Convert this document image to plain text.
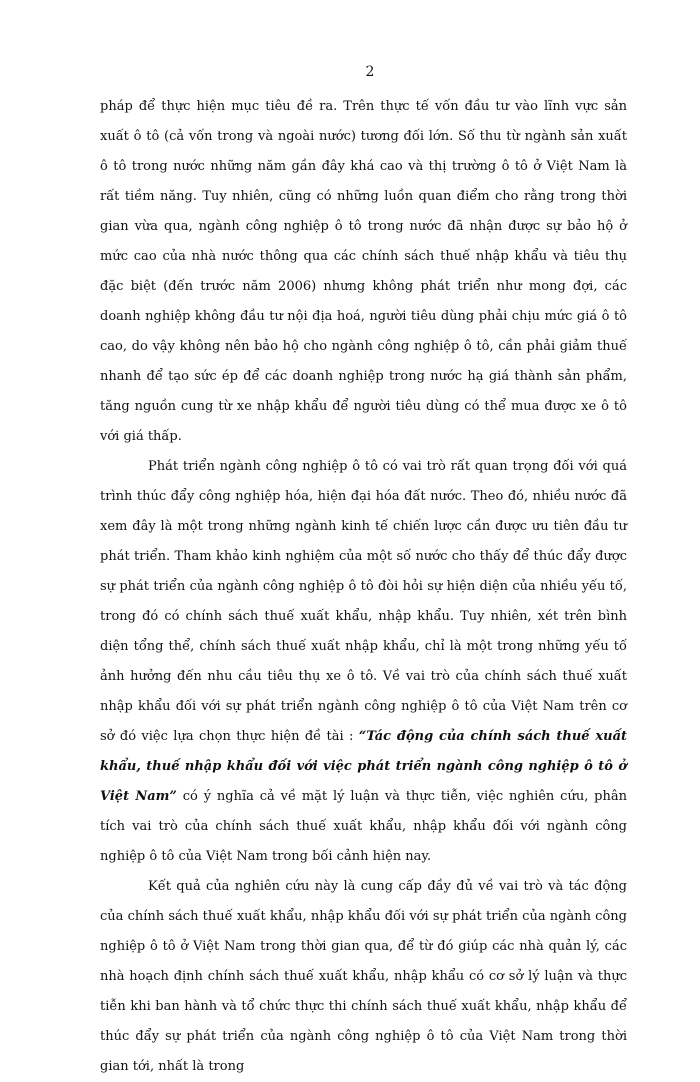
2

pháp để thực hiện mục tiêu đề ra. Trên thực tế vốn đầu tư vào lĩnh vực sản xuất ô tô (cả vốn trong và ngoài nước) tương đối lớn. Số thu từ ngành sản xuất ô tô trong nước những năm gần đây khá cao và thị trường ô tô ở Việt Nam là rất tiềm năng. Tuy nhiên, cũng có những luồn quan điểm cho rằng trong thời gian vừa qua, ngành công nghiệp ô tô trong nước đã nhận được sự bảo hộ ở mức cao của nhà nước thông qua các chính sách thuế nhập khẩu và tiêu thụ đặc biệt (đến trước năm 2006) nhưng không phát triển như mong đợi, các doanh nghiệp không đầu tư nội địa hoá, người tiêu dùng phải chịu mức giá ô tô cao, do vậy không nên bảo hộ cho ngành công nghiệp ô tô, cần phải giảm thuế nhanh để tạo sức ép để các doanh nghiệp trong nước hạ giá thành sản phẩm, tăng nguồn cung từ xe nhập khẩu để người tiêu dùng có thể mua được xe ô tô với giá thấp.

Phát triển ngành công nghiệp ô tô có vai trò rất quan trọng đối với quá trình thúc đẩy công nghiệp hóa, hiện đại hóa đất nước. Theo đó, nhiều nước đã xem đây là một trong những ngành kinh tế chiến lược cần được ưu tiên đầu tư phát triển. Tham khảo kinh nghiệm của một số nước cho thấy để thúc đẩy được sự phát triển của ngành công nghiệp ô tô đòi hỏi sự hiện diện của nhiều yếu tố, trong đó có chính sách thuế xuất khẩu, nhập khẩu. Tuy nhiên, xét trên bình diện tổng thể, chính sách thuế xuất nhập khẩu, chỉ là một trong những yếu tố ảnh hưởng đến nhu cầu tiêu thụ xe ô tô. Về vai trò của chính sách thuế xuất nhập khẩu đối với sự phát triển ngành công nghiệp ô tô của Việt Nam trên cơ sở đó việc lựa chọn thực hiện đề tài : “Tác động của chính sách thuế xuất khẩu, thuế nhập khẩu đối với việc phát triển ngành công nghiệp ô tô ở Việt Nam” có ý nghĩa cả về mặt lý luận và thực tiễn, việc nghiên cứu, phân tích vai trò của chính sách thuế xuất khẩu, nhập khẩu đối với ngành công nghiệp ô tô của Việt Nam trong bối cảnh hiện nay.

Kết quả của nghiên cứu này là cung cấp đầy đủ về vai trò và tác động của chính sách thuế xuất khẩu, nhập khẩu đối với sự phát triển của ngành công nghiệp ô tô ở Việt Nam trong thời gian qua, để từ đó giúp các nhà quản lý, các nhà hoạch định chính sách thuế xuất khẩu, nhập khẩu có cơ sở lý luận và thực tiễn khi ban hành và tổ chức thực thi chính sách thuế xuất khẩu, nhập khẩu để thúc đẩy sự phát triển của ngành công nghiệp ô tô của Việt Nam trong thời gian tới, nhất là trong
